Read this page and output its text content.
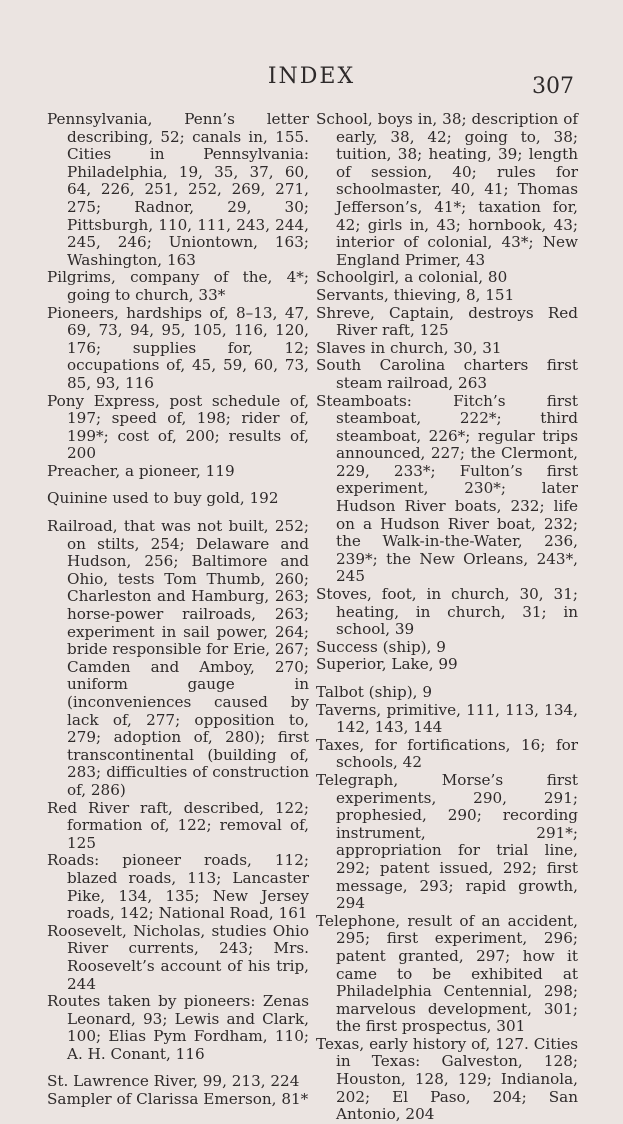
INDEX	307
Pennsylvania, Penn’s letter describing, 52; canals in, 155. Cities in Pennsylvania: Philadelphia, 19, 35, 37, 60, 64, 226, 251, 252, 269, 271, 275; Radnor, 29, 30; Pittsburgh, 110, 111, 243, 244, 245, 246; Uniontown, 163; Washington, 163
Pilgrims, company of the, 4*; going to church, 33*
Pioneers, hardships of, 8–13, 47, 69, 73, 94, 95, 105, 116, 120, 176; supplies for, 12; occupations of, 45, 59, 60, 73, 85, 93, 116
Pony Express, post schedule of, 197; speed of, 198; rider of, 199*; cost of, 200; results of, 200
Preacher, a pioneer, 119
Quinine used to buy gold, 192
Railroad, that was not built, 252; on stilts, 254; Delaware and Hudson, 256; Baltimore and Ohio, tests Tom Thumb, 260; Charleston and Hamburg, 263; horse-power railroads, 263; experiment in sail power, 264; bride responsible for Erie, 267; Camden and Amboy, 270; uniform gauge in (inconveniences caused by lack of, 277; opposition to, 279; adoption of, 280); first transcontinental (building of, 283; difficulties of construction of, 286)
Red River raft, described, 122; formation of, 122; removal of, 125
Roads: pioneer roads, 112; blazed roads, 113; Lancaster Pike, 134, 135; New Jersey roads, 142; National Road, 161
Roosevelt, Nicholas, studies Ohio River currents, 243; Mrs. Roosevelt’s account of his trip, 244
Routes taken by pioneers: Zenas Leonard, 93; Lewis and Clark, 100; Elias Pym Fordham, 110; A. H. Conant, 116
St. Lawrence River, 99, 213, 224
Sampler of Clarissa Emerson, 81*
School, boys in, 38; description of early, 38, 42; going to, 38; tuition, 38; heating, 39; length of session, 40; rules for schoolmaster, 40, 41; Thomas Jefferson’s, 41*; taxation for, 42; girls in, 43; hornbook, 43; interior of colonial, 43*; New England Primer, 43
Schoolgirl, a colonial, 80
Servants, thieving, 8, 151
Shreve, Captain, destroys Red River raft, 125
Slaves in church, 30, 31
South Carolina charters first steam railroad, 263
Steamboats: Fitch’s first steamboat, 222*; third steamboat, 226*; regular trips announced, 227; the Clermont, 229, 233*; Fulton’s first experiment, 230*; later Hudson River boats, 232; life on a Hudson River boat, 232; the Walk-in-the-Water, 236, 239*; the New Orleans, 243*, 245
Stoves, foot, in church, 30, 31; heating, in church, 31; in school, 39
Success (ship), 9
Superior, Lake, 99
Talbot (ship), 9
Taverns, primitive, 111, 113, 134, 142, 143, 144
Taxes, for fortifications, 16; for schools, 42
Telegraph, Morse’s first experiments, 290, 291; prophesied, 290; recording instrument, 291*; appropriation for trial line, 292; patent issued, 292; first message, 293; rapid growth, 294
Telephone, result of an accident, 295; first experiment, 296; patent granted, 297; how it came to be exhibited at Philadelphia Centennial, 298; marvelous development, 301; the first prospectus, 301
Texas, early history of, 127. Cities in Texas: Galveston, 128; Houston, 128, 129; Indianola, 202; El Paso, 204; San Antonio, 204
